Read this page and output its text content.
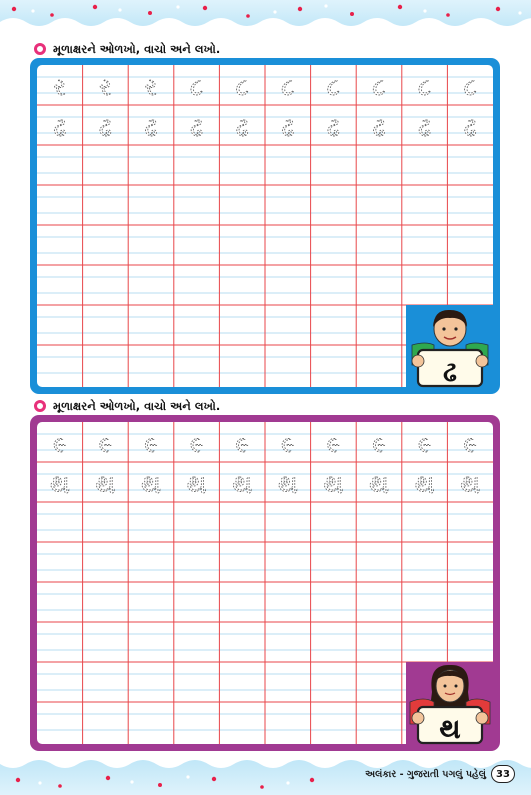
મૂળાક્ષરને ઓળખો, વાચો અને લખો.
ર ર ર ૮ ૮ ૮ ૮ ૮ ૮ ૮
ઢ ઢ ઢ ઢ ઢ ઢ ઢ ઢ ઢ ઢ
ઢ
મૂળાક્ષરને ઓળખો, વાચો અને લખો.
૯ ૯ ૯ ૯ ૯ ૯ ૯ ૯ ૯ ૯
થ થ થ થ થ થ થ થ થ થ
થ
અલંકાર - ગુજરાતી પગલું પહેલું	33
